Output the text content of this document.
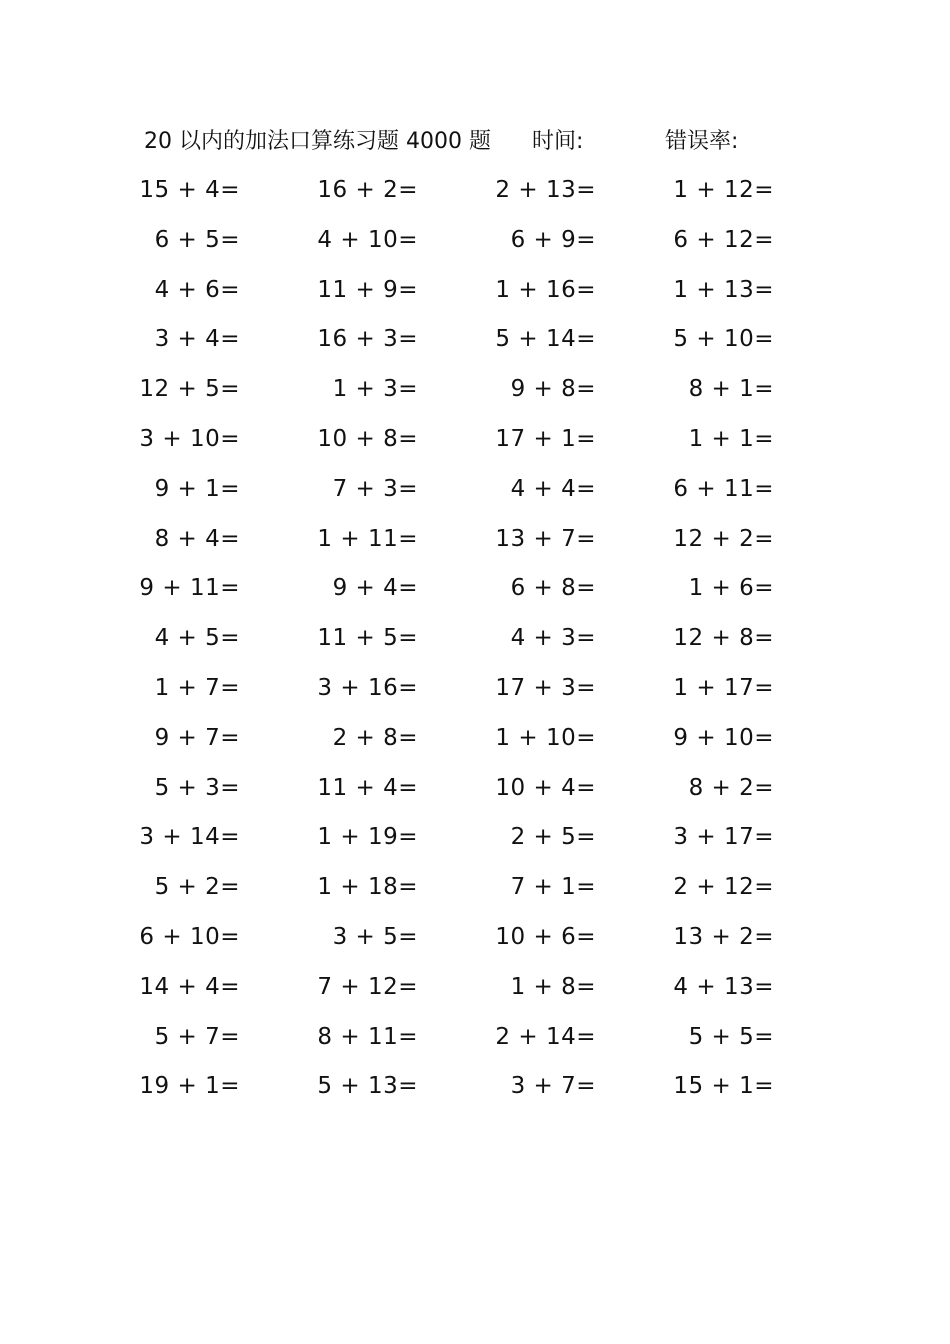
20 以内的加法口算练习题 4000 题 时间:	错误率:
15 + 4=	16 + 2=	2 + 13=	1 + 12=
6 + 5=	4 + 10=	6 + 9=	6 + 12=
4 + 6=	11 + 9=	1 + 16=	1 + 13=
3 + 4=	16 + 3=	5 + 14=	5 + 10=
12 + 5=	1 + 3=	9 + 8=	8 + 1=
3 + 10=	10 + 8=	17 + 1=	1 + 1=
9 + 1=	7 + 3=	4 + 4=	6 + 11=
8 + 4=	1 + 11=	13 + 7=	12 + 2=
9 + 11=	9 + 4=	6 + 8=	1 + 6=
4 + 5=	11 + 5=	4 + 3=	12 + 8=
1 + 7=	3 + 16=	17 + 3=	1 + 17=
9 + 7=	2 + 8=	1 + 10=	9 + 10=
5 + 3=	11 + 4=	10 + 4=	8 + 2=
3 + 14=	1 + 19=	2 + 5=	3 + 17=
5 + 2=	1 + 18=	7 + 1=	2 + 12=
6 + 10=	3 + 5=	10 + 6=	13 + 2=
14 + 4=	7 + 12=	1 + 8=	4 + 13=
5 + 7=	8 + 11=	2 + 14=	5 + 5=
19 + 1=	5 + 13=	3 + 7=	15 + 1=
